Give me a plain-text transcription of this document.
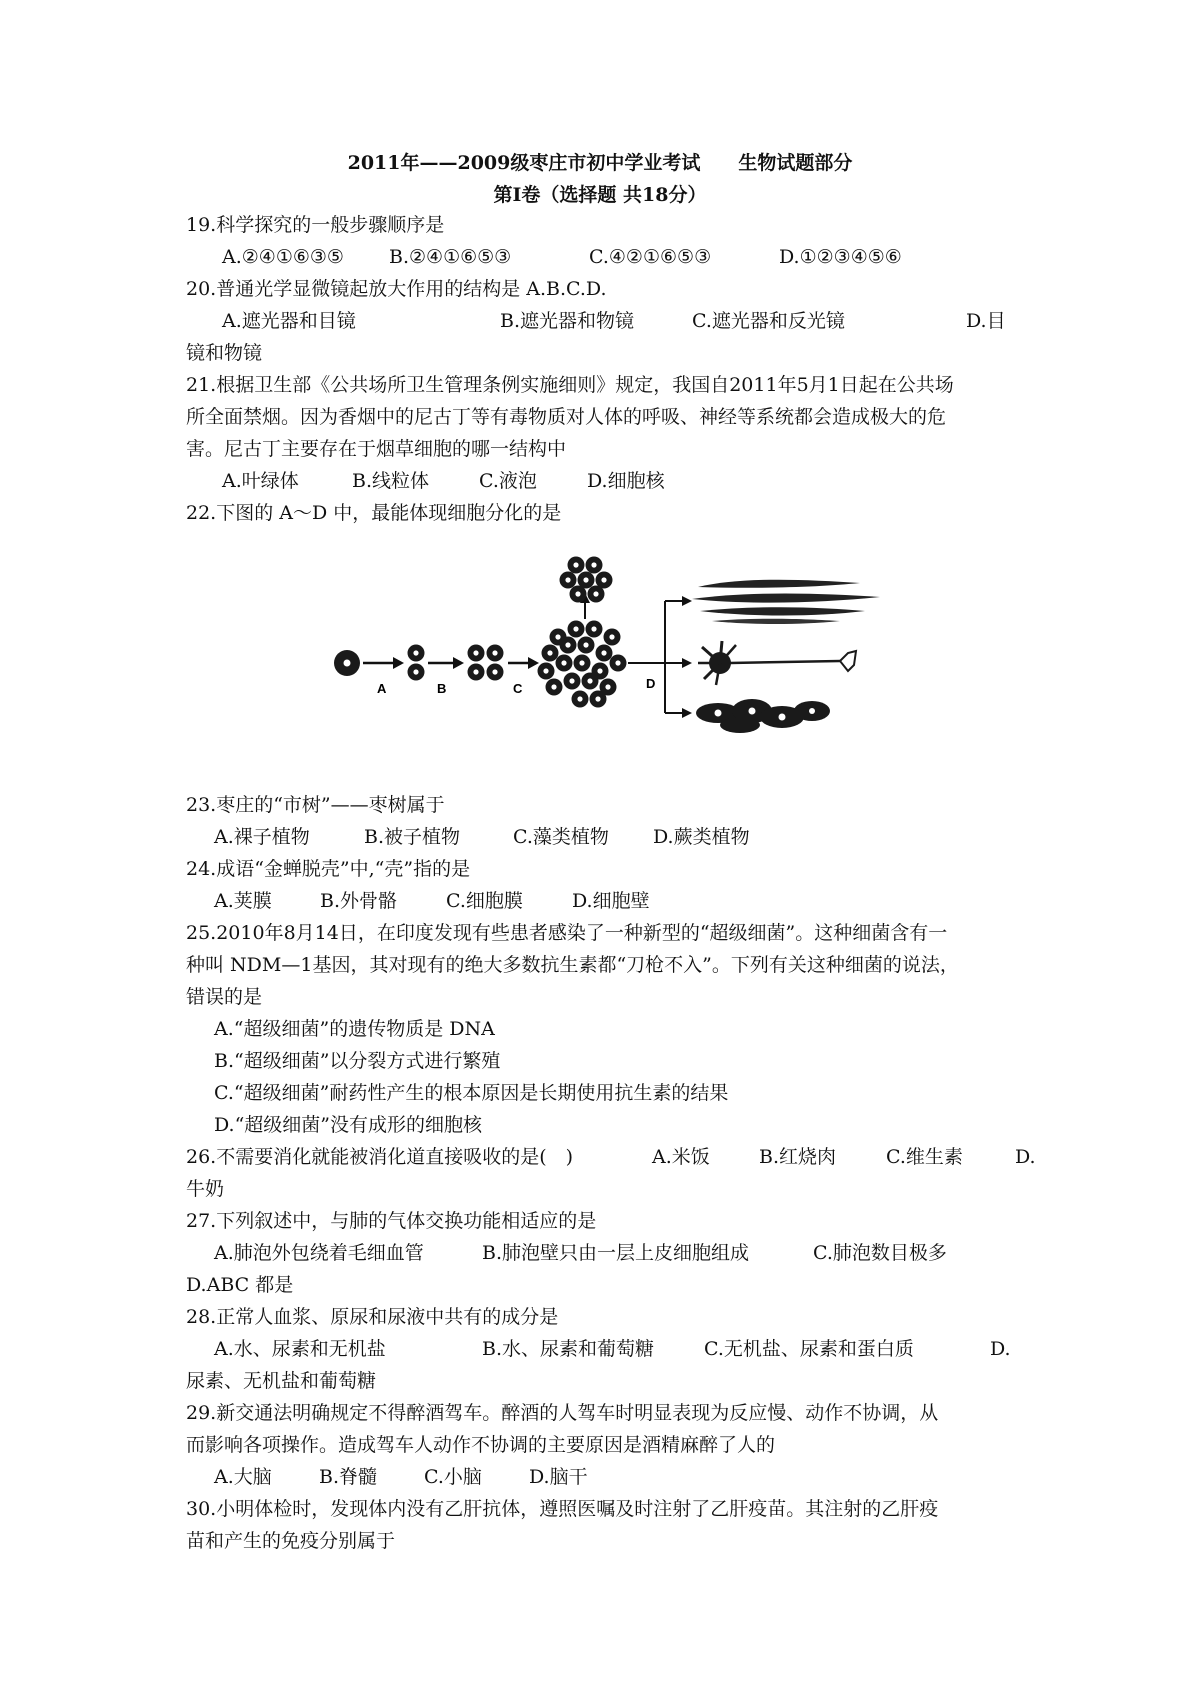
2011年——2009级枣庄市初中学业考试　　生物试题部分
第Ⅰ卷（选择题 共18分）
19.科学探究的一般步骤顺序是
A.②④①⑥③⑤	B.②④①⑥⑤③	C.④②①⑥⑤③	D.①②③④⑤⑥
20.普通光学显微镜起放大作用的结构是 A.B.C.D.
A.遮光器和目镜	B.遮光器和物镜	C.遮光器和反光镜	D.目
镜和物镜
21.根据卫生部《公共场所卫生管理条例实施细则》规定，我国自2011年5月1日起在公共场
所全面禁烟。因为香烟中的尼古丁等有毒物质对人体的呼吸、神经等系统都会造成极大的危
害。尼古丁主要存在于烟草细胞的哪一结构中
A.叶绿体	B.线粒体	C.液泡	D.细胞核
22.下图的 A～D 中，最能体现细胞分化的是
A	B	C	D
23.枣庄的“市树”——枣树属于
A.裸子植物	B.被子植物	C.藻类植物	D.蕨类植物
24.成语“金蝉脱壳”中,“壳”指的是
A.荚膜	B.外骨骼	C.细胞膜	D.细胞壁
25.2010年8月14日，在印度发现有些患者感染了一种新型的“超级细菌”。这种细菌含有一
种叫 NDM—1基因，其对现有的绝大多数抗生素都“刀枪不入”。下列有关这种细菌的说法，
错误的是
A.“超级细菌”的遗传物质是 DNA
B.“超级细菌”以分裂方式进行繁殖
C.“超级细菌”耐药性产生的根本原因是长期使用抗生素的结果
D.“超级细菌”没有成形的细胞核
26.不需要消化就能被消化道直接吸收的是(　)	A.米饭	B.红烧肉	C.维生素	D.
牛奶
27.下列叙述中，与肺的气体交换功能相适应的是
A.肺泡外包绕着毛细血管	B.肺泡壁只由一层上皮细胞组成	C.肺泡数目极多
D.ABC 都是
28.正常人血浆、原尿和尿液中共有的成分是
A.水、尿素和无机盐	B.水、尿素和葡萄糖	C.无机盐、尿素和蛋白质	D.
尿素、无机盐和葡萄糖
29.新交通法明确规定不得醉酒驾车。醉酒的人驾车时明显表现为反应慢、动作不协调，从
而影响各项操作。造成驾车人动作不协调的主要原因是酒精麻醉了人的
A.大脑	B.脊髓	C.小脑	D.脑干
30.小明体检时，发现体内没有乙肝抗体，遵照医嘱及时注射了乙肝疫苗。其注射的乙肝疫
苗和产生的免疫分别属于
